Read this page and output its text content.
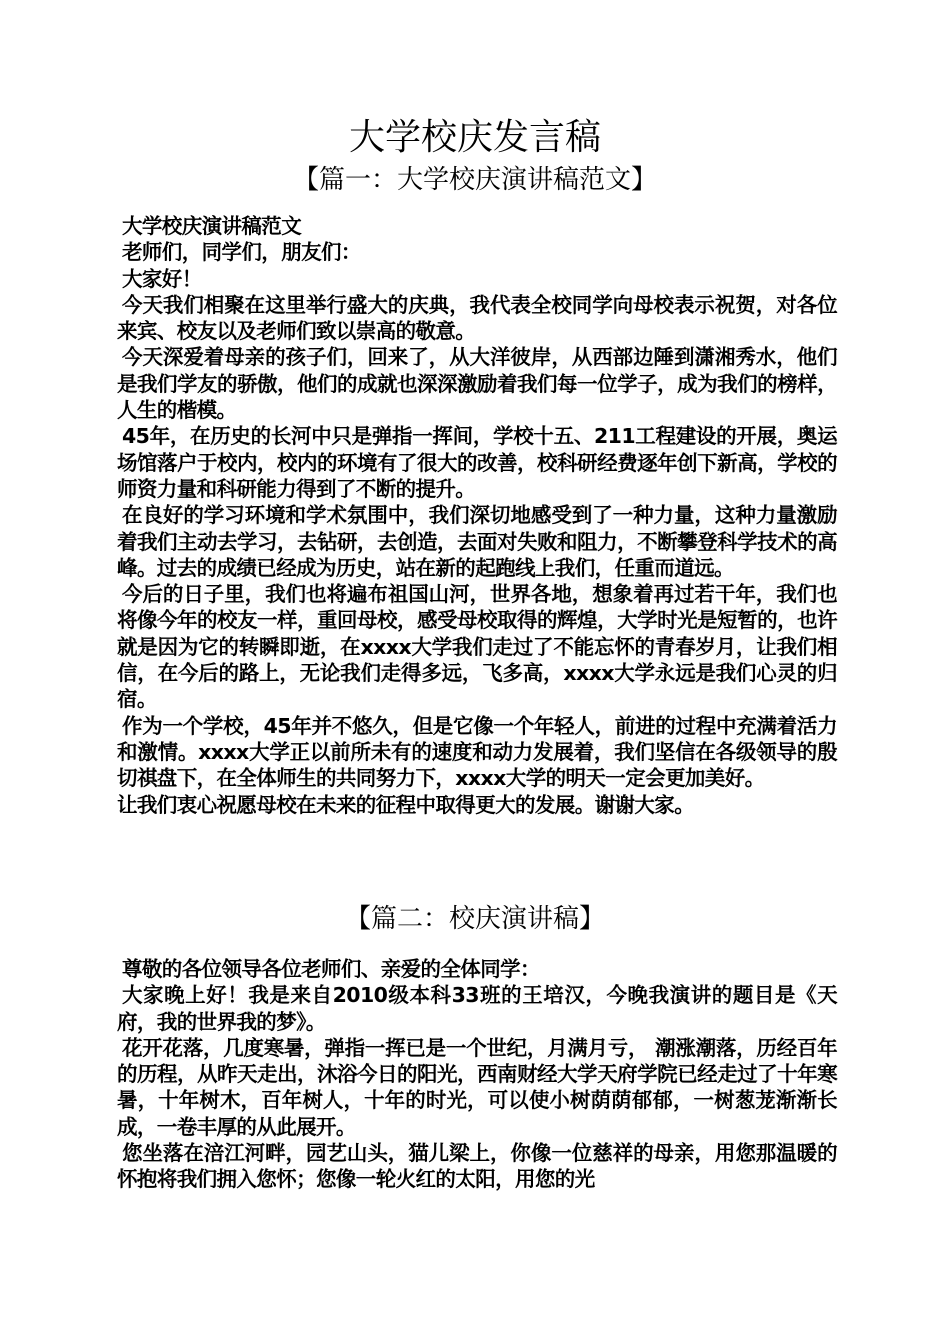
大学校庆发言稿
【篇一：大学校庆演讲稿范文】

大学校庆演讲稿范文

老师们，同学们，朋友们：

大家好！

今天我们相聚在这里举行盛大的庆典，我代表全校同学向母校表示祝贺，对各位来宾、校友以及老师们致以崇高的敬意。

今天深爱着母亲的孩子们，回来了，从大洋彼岸，从西部边陲到潇湘秀水，他们是我们学友的骄傲，他们的成就也深深激励着我们每一位学子，成为我们的榜样，人生的楷模。

45年，在历史的长河中只是弹指一挥间，学校十五、211工程建设的开展，奥运场馆落户于校内，校内的环境有了很大的改善，校科研经费逐年创下新高，学校的师资力量和科研能力得到了不断的提升。

在良好的学习环境和学术氛围中，我们深切地感受到了一种力量，这种力量激励着我们主动去学习，去钻研，去创造，去面对失败和阻力，不断攀登科学技术的高峰。过去的成绩已经成为历史，站在新的起跑线上我们，任重而道远。

今后的日子里，我们也将遍布祖国山河，世界各地，想象着再过若干年，我们也将像今年的校友一样，重回母校，感受母校取得的辉煌，大学时光是短暂的，也许就是因为它的转瞬即逝，在xxxx大学我们走过了不能忘怀的青春岁月，让我们相信，在今后的路上，无论我们走得多远，飞多高，xxxx大学永远是我们心灵的归宿。

作为一个学校，45年并不悠久，但是它像一个年轻人，前进的过程中充满着活力和激情。xxxx大学正以前所未有的速度和动力发展着，我们坚信在各级领导的殷切祺盘下，在全体师生的共同努力下，xxxx大学的明天一定会更加美好。

让我们衷心祝愿母校在未来的征程中取得更大的发展。谢谢大家。

【篇二：校庆演讲稿】

尊敬的各位领导各位老师们、亲爱的全体同学：

大家晚上好！我是来自2010级本科33班的王培汉，今晚我演讲的题目是《天府，我的世界我的梦》。

花开花落，几度寒暑，弹指一挥已是一个世纪，月满月亏， 潮涨潮落，历经百年的历程，从昨天走出，沐浴今日的阳光，西南财经大学天府学院已经走过了十年寒暑，十年树木，百年树人，十年的时光，可以使小树荫荫郁郁，一树葱茏渐渐长成，一卷丰厚的从此展开。

您坐落在涪江河畔，园艺山头，猫儿梁上，你像一位慈祥的母亲，用您那温暖的怀抱将我们拥入您怀；您像一轮火红的太阳，用您的光
